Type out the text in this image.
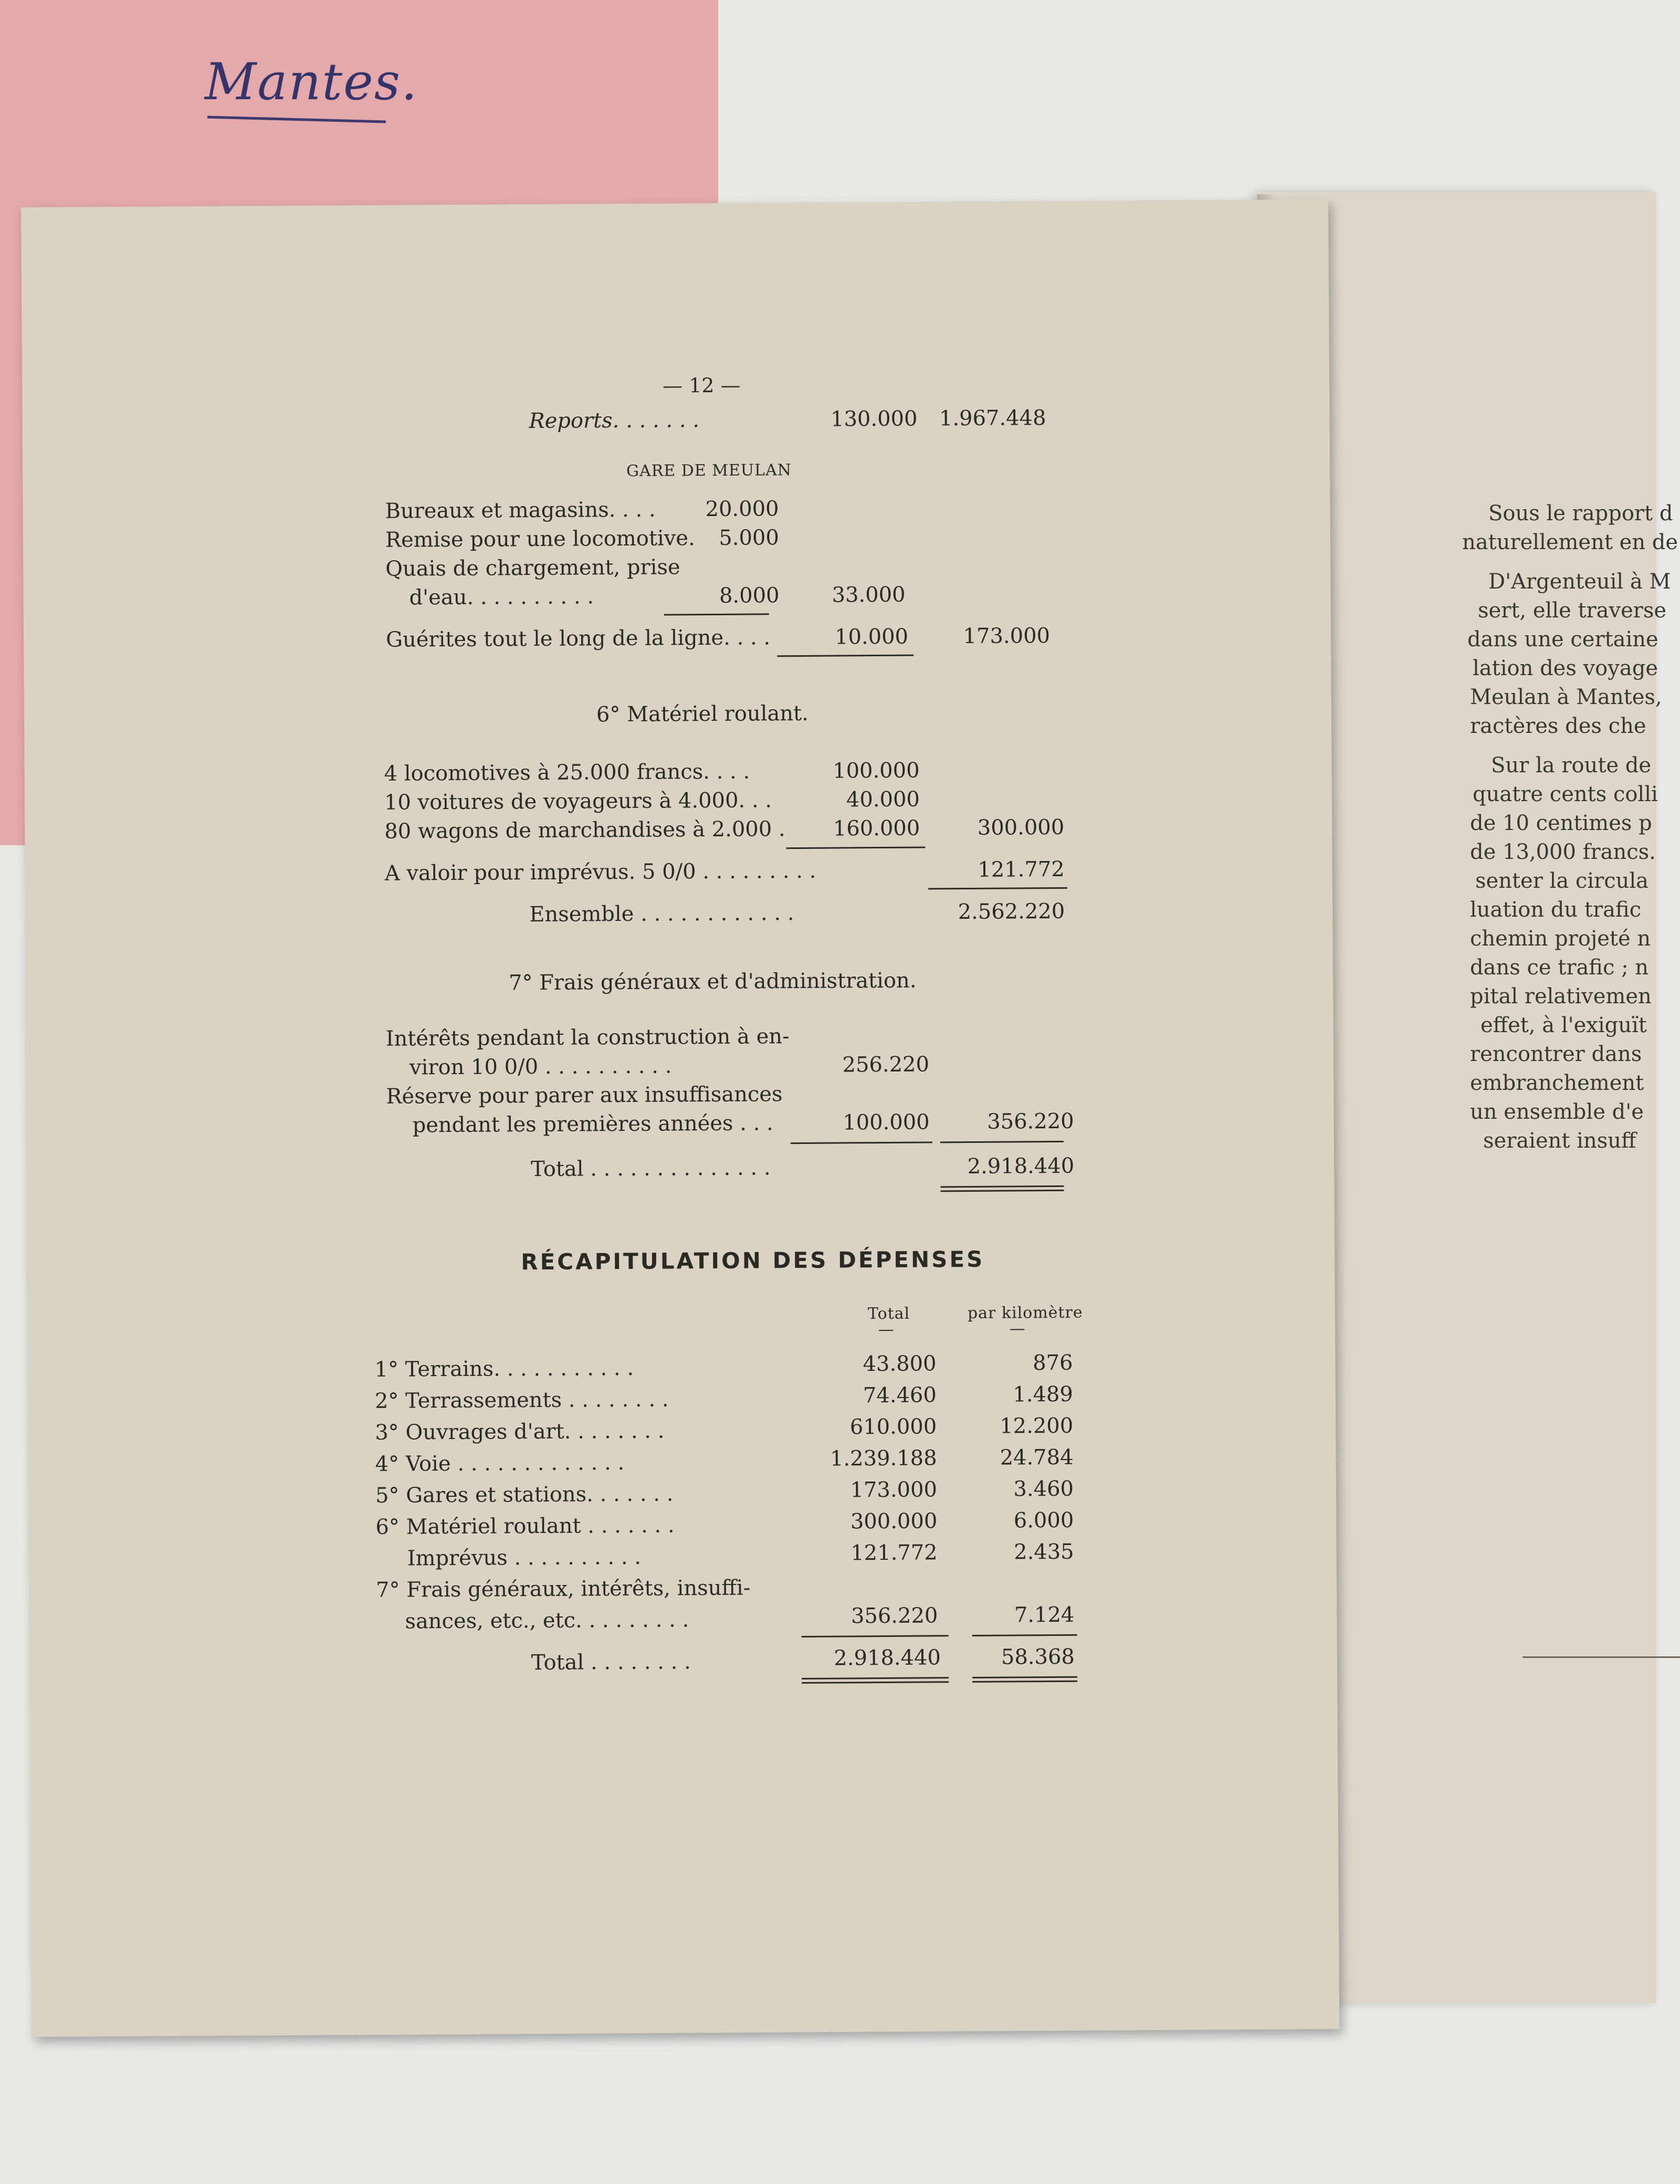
Mantes.
Sous le rapport d
naturellement en de
D'Argenteuil à M
sert, elle traverse
dans une certaine
lation des voyage
Meulan à Mantes,
ractères des che
Sur la route de
quatre cents colli
de 10 centimes p
de 13,000 francs.
senter la circula
luation du trafic
chemin projeté n
dans ce trafic ; n
pital relativemen
effet, à l'exiguït
rencontrer dans
embranchement
un ensemble d'e
seraient insuff
— 12 —
Reports. . . . . . .	130.000	1.967.448
GARE DE MEULAN
Bureaux et magasins. . . .	20.000
Remise pour une locomotive.	5.000
Quais de chargement, prise
d'eau. . . . . . . . . .	8.000	33.000
Guérites tout le long de la ligne. . . .	10.000	173.000
6° Matériel roulant.
4 locomotives à 25.000 francs. . . .	100.000
10 voitures de voyageurs à 4.000. . .	40.000
80 wagons de marchandises à 2.000 .	160.000	300.000
A valoir pour imprévus. 5 0/0 . . . . . . . . .	121.772
Ensemble . . . . . . . . . . . .	2.562.220
7° Frais généraux et d'administration.
Intérêts pendant la construction à en-
viron 10 0/0 . . . . . . . . . .	256.220
Réserve pour parer aux insuffisances
pendant les premières années . . .	100.000	356.220
Total . . . . . . . . . . . . . .	2.918.440
RÉCAPITULATION DES DÉPENSES
Total
—
par kilomètre
—
1° Terrains. . . . . . . . . . .	43.800	876
2° Terrassements . . . . . . . .	74.460	1.489
3° Ouvrages d'art. . . . . . . .	610.000	12.200
4° Voie . . . . . . . . . . . . .	1.239.188	24.784
5° Gares et stations. . . . . . .	173.000	3.460
6° Matériel roulant . . . . . . .	300.000	6.000
Imprévus . . . . . . . . . .	121.772	2.435
7° Frais généraux, intérêts, insuffi-
sances, etc., etc. . . . . . . . .	356.220	7.124
Total . . . . . . . .	2.918.440	58.368
